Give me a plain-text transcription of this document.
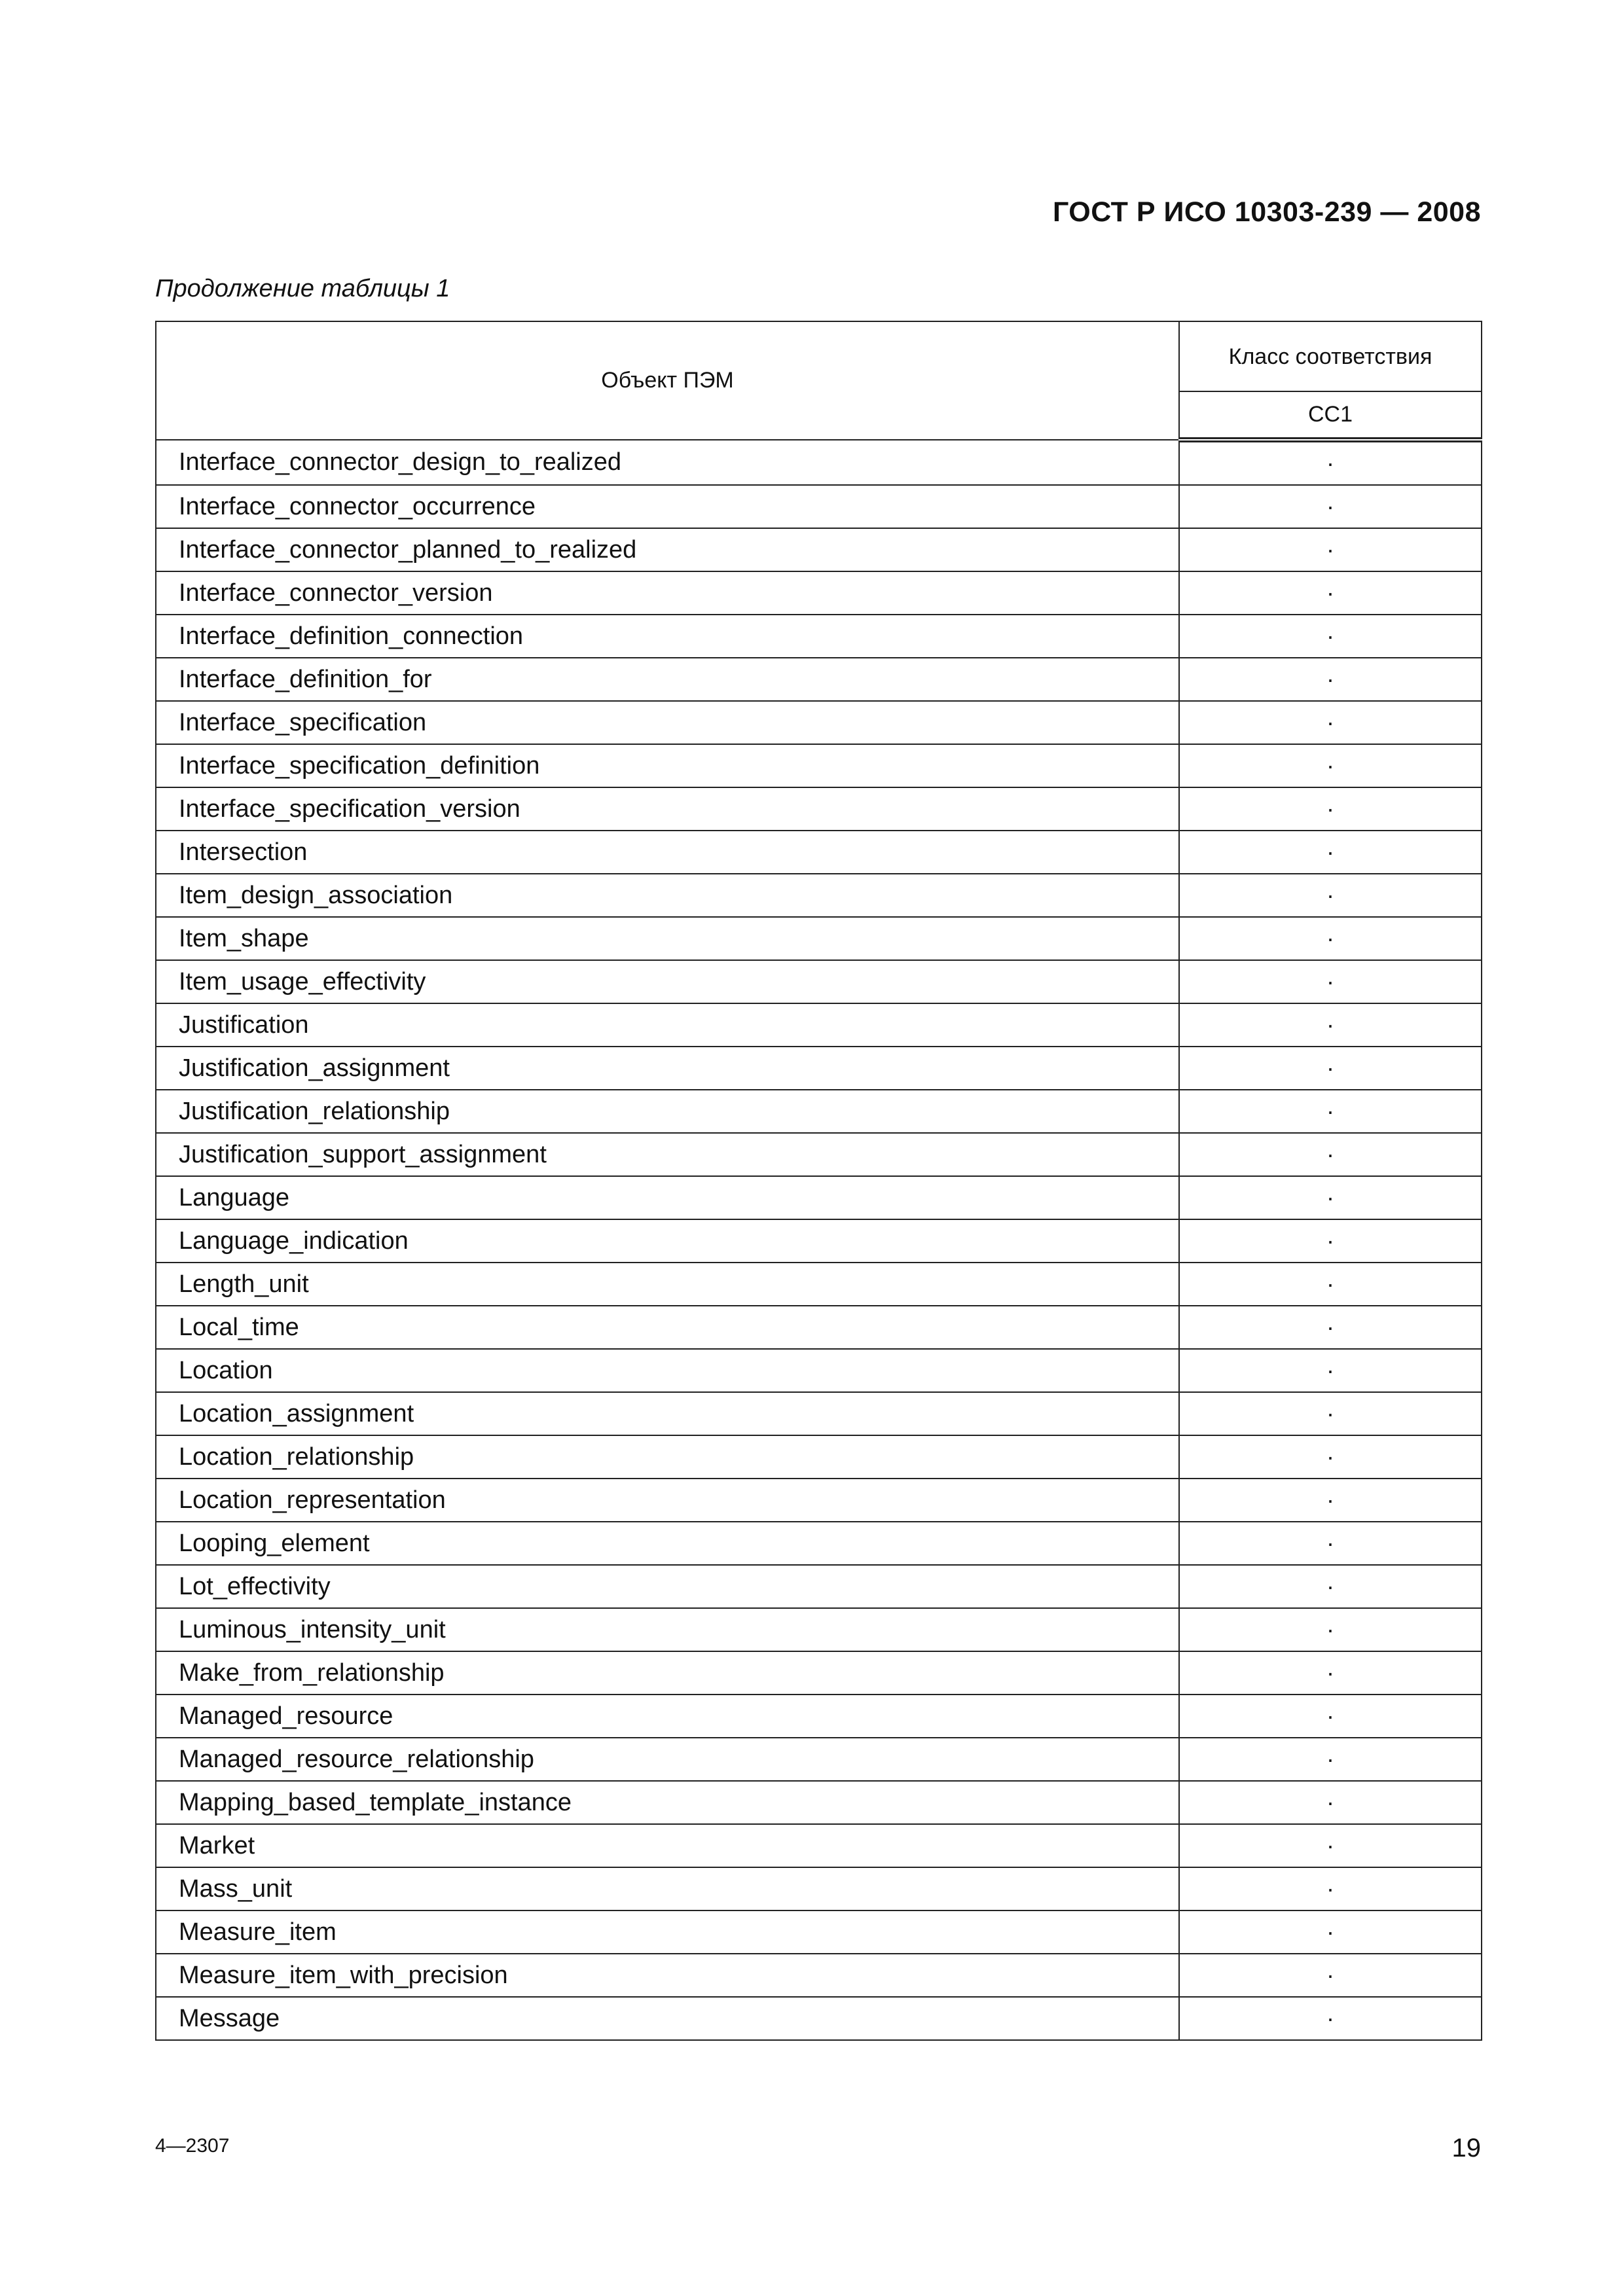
ГОСТ Р ИСО 10303-239 — 2008
Продолжение таблицы 1
Объект ПЭМ	Класс соответствия
	CC1
Interface_connector_design_to_realized	·
Interface_connector_occurrence	·
Interface_connector_planned_to_realized	·
Interface_connector_version	·
Interface_definition_connection	·
Interface_definition_for	·
Interface_specification	·
Interface_specification_definition	·
Interface_specification_version	·
Intersection	·
Item_design_association	·
Item_shape	·
Item_usage_effectivity	·
Justification	·
Justification_assignment	·
Justification_relationship	·
Justification_support_assignment	·
Language	·
Language_indication	·
Length_unit	·
Local_time	·
Location	·
Location_assignment	·
Location_relationship	·
Location_representation	·
Looping_element	·
Lot_effectivity	·
Luminous_intensity_unit	·
Make_from_relationship	·
Managed_resource	·
Managed_resource_relationship	·
Mapping_based_template_instance	·
Market	·
Mass_unit	·
Measure_item	·
Measure_item_with_precision	·
Message	·
4—2307	19
